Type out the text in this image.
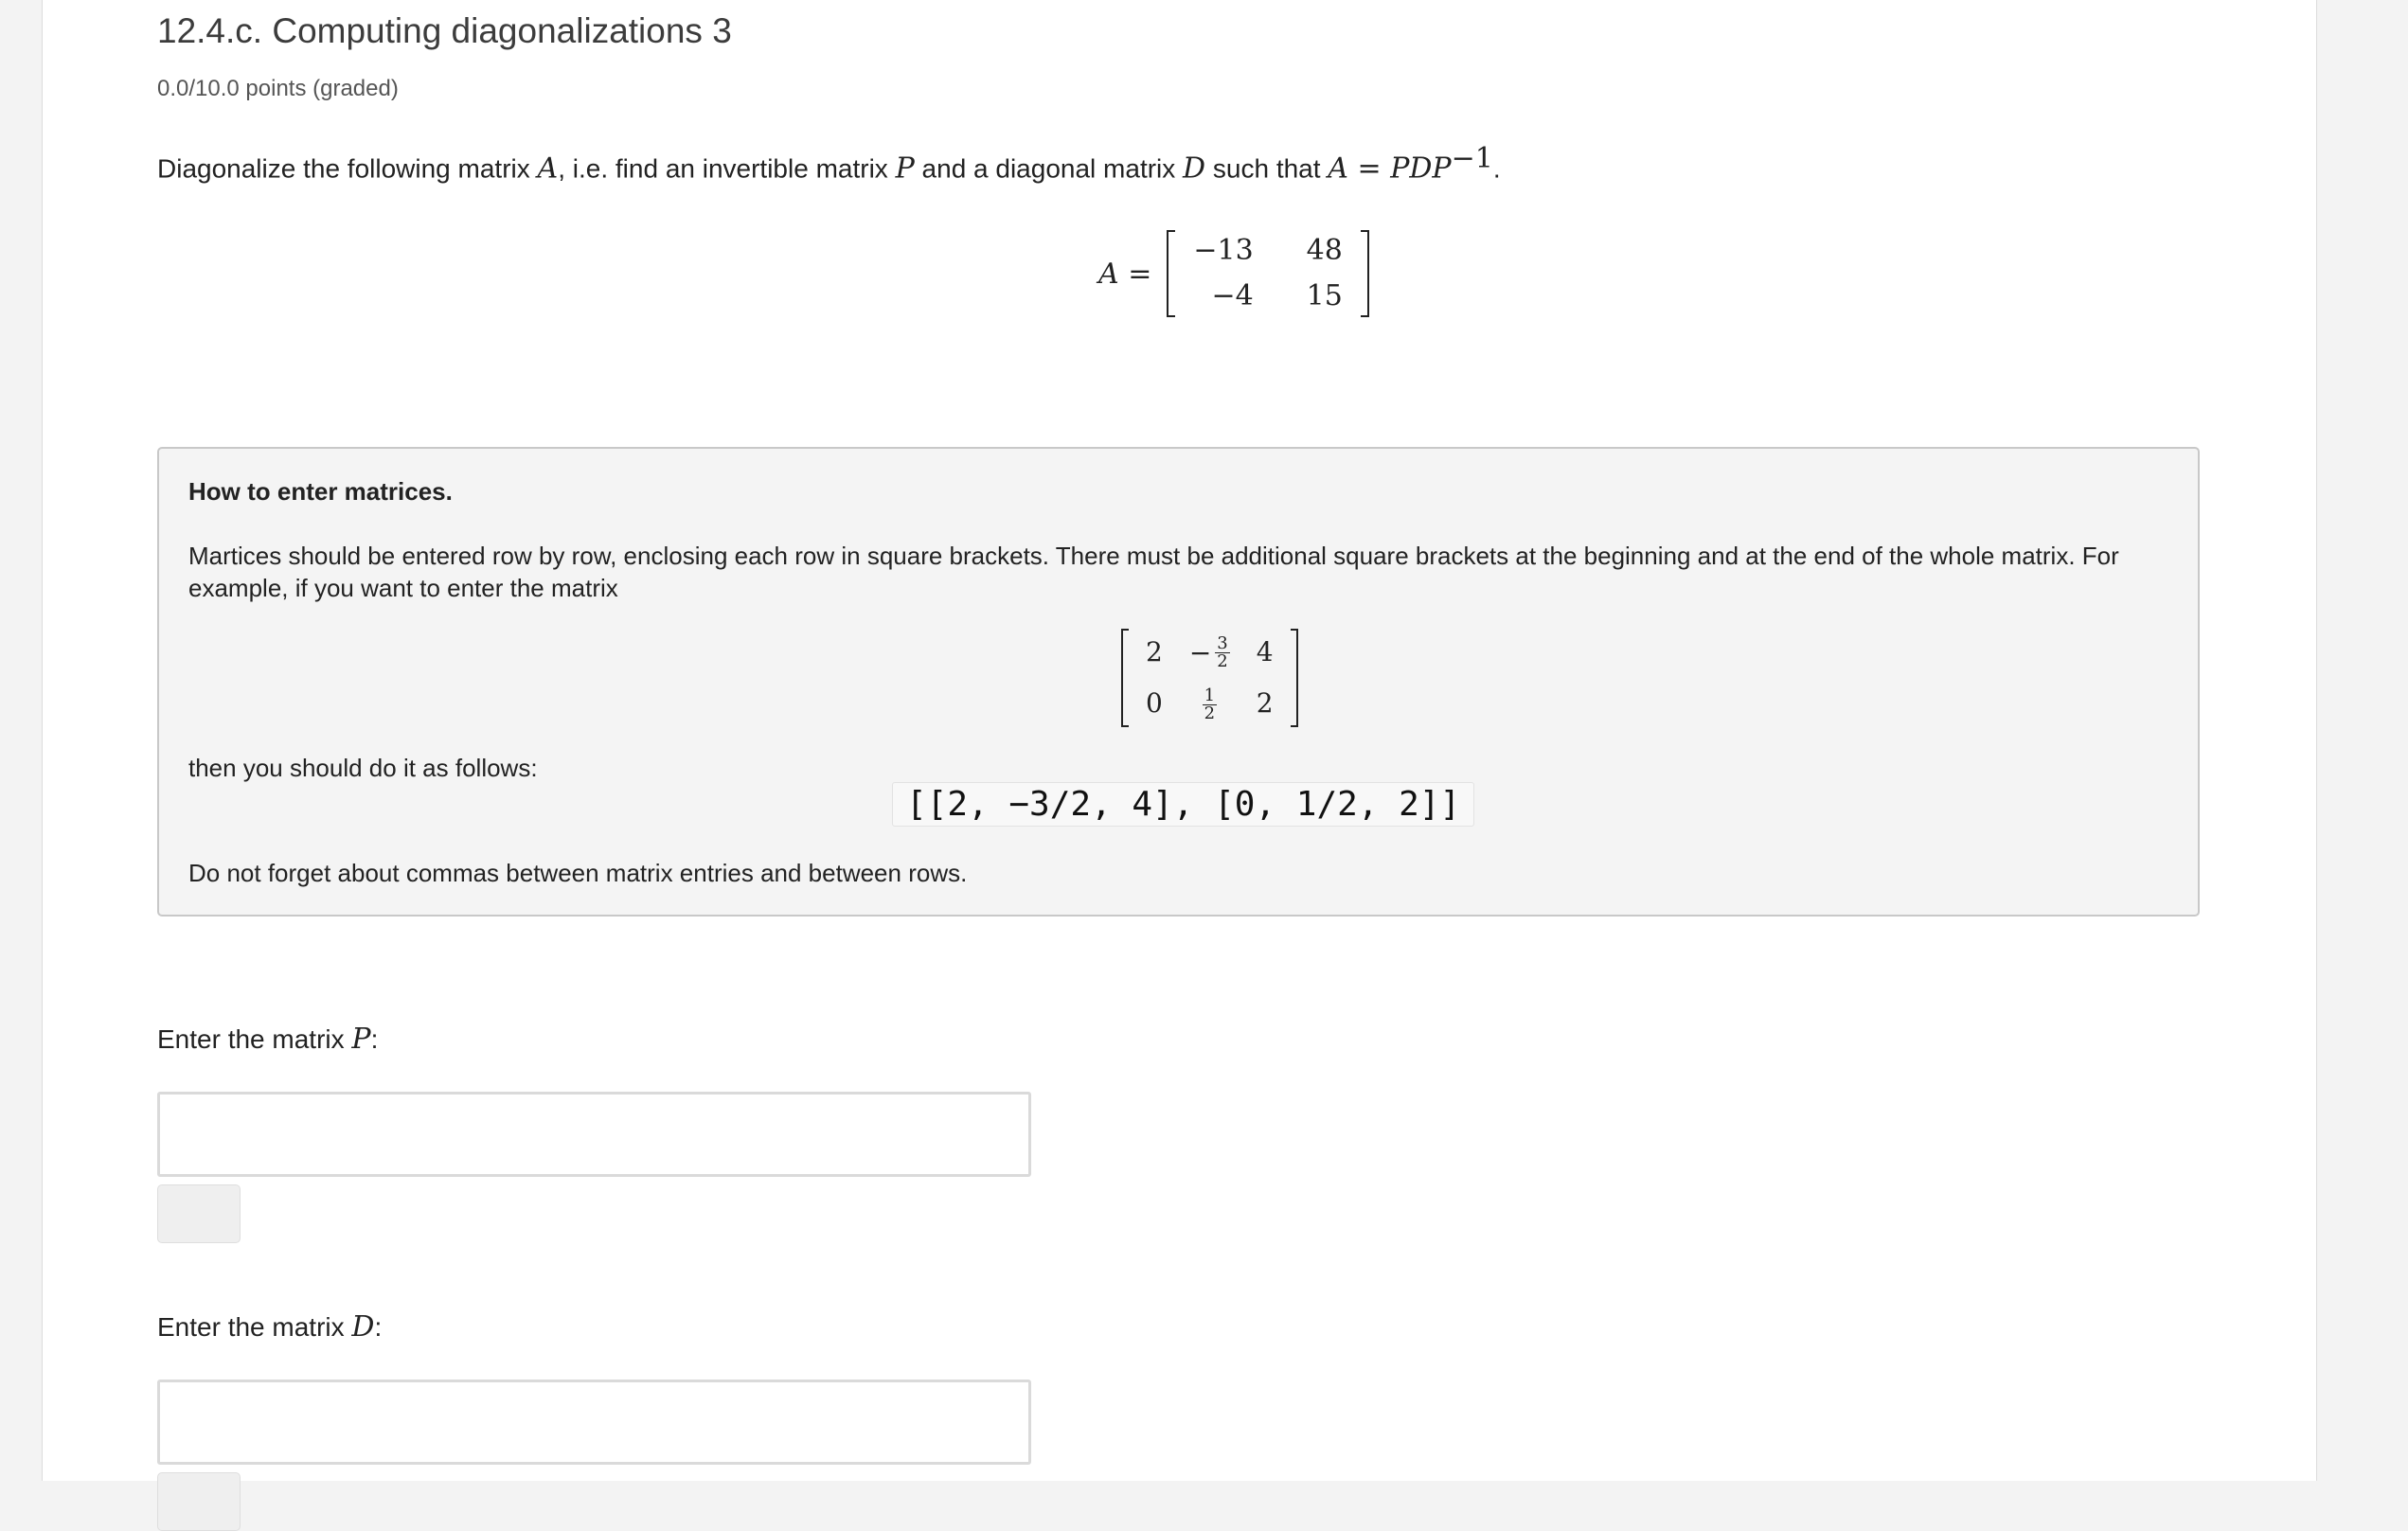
12.4.c. Computing diagonalizations 3
0.0/10.0 points (graded)
Diagonalize the following matrix A, i.e. find an invertible matrix P and a diagonal matrix D such that $A = PDP^{-1}$.
A =
−13	48
−4	15
How to enter matrices.
Martices should be entered row by row, enclosing each row in square brackets. There must be additional square brackets at the beginning and at the end of the whole matrix. For example, if you want to enter the matrix
2	− $\frac{3}{2}$	4
0	$\frac{1}{2}$	2
then you should do it as follows:
[[2, −3/2, 4], [0, 1/2, 2]]
Do not forget about commas between matrix entries and between rows.
Enter the matrix P:
Enter the matrix D:
